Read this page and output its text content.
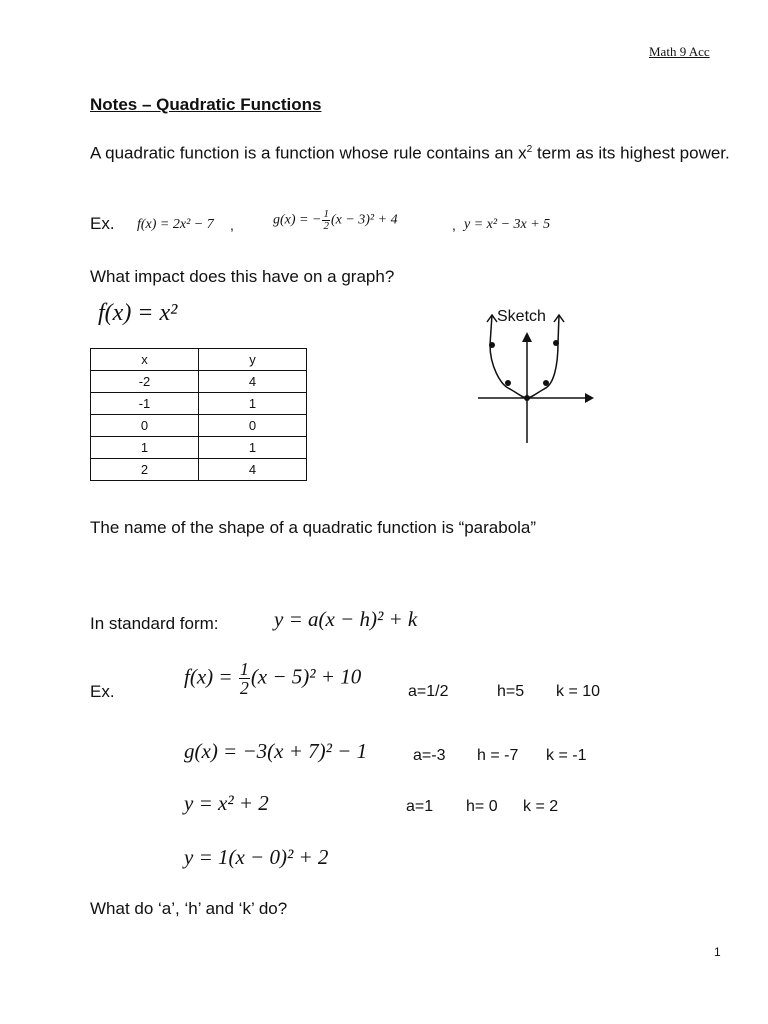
Math 9 Acc
Notes – Quadratic Functions
A quadratic function is a function whose rule contains an $x^2$ term as its highest power.
Ex. f(x) = 2x² − 7 ,	g(x) = − $\frac{1}{2} (x - 3)^2 + 4$	, y = x² − 3x + 5
What impact does this have on a graph?
f(x) = x²
x	y
-2	4
-1	1
0	0
1	1
2	4
Sketch
The name of the shape of a quadratic function is “parabola”
In standard form:	y = a(x − h)² + k
Ex.
$f(x) = \frac{1}{2} (x - 5)^2 + 10$
a=1/2	h=5 k = 10
g(x) = −3(x + 7)² − 1	a=-3 h = -7 k = -1
y = x² + 2	a=1 h= 0 k = 2
y = 1(x − 0)² + 2
What do ‘a’, ‘h’ and ‘k’ do?
1
